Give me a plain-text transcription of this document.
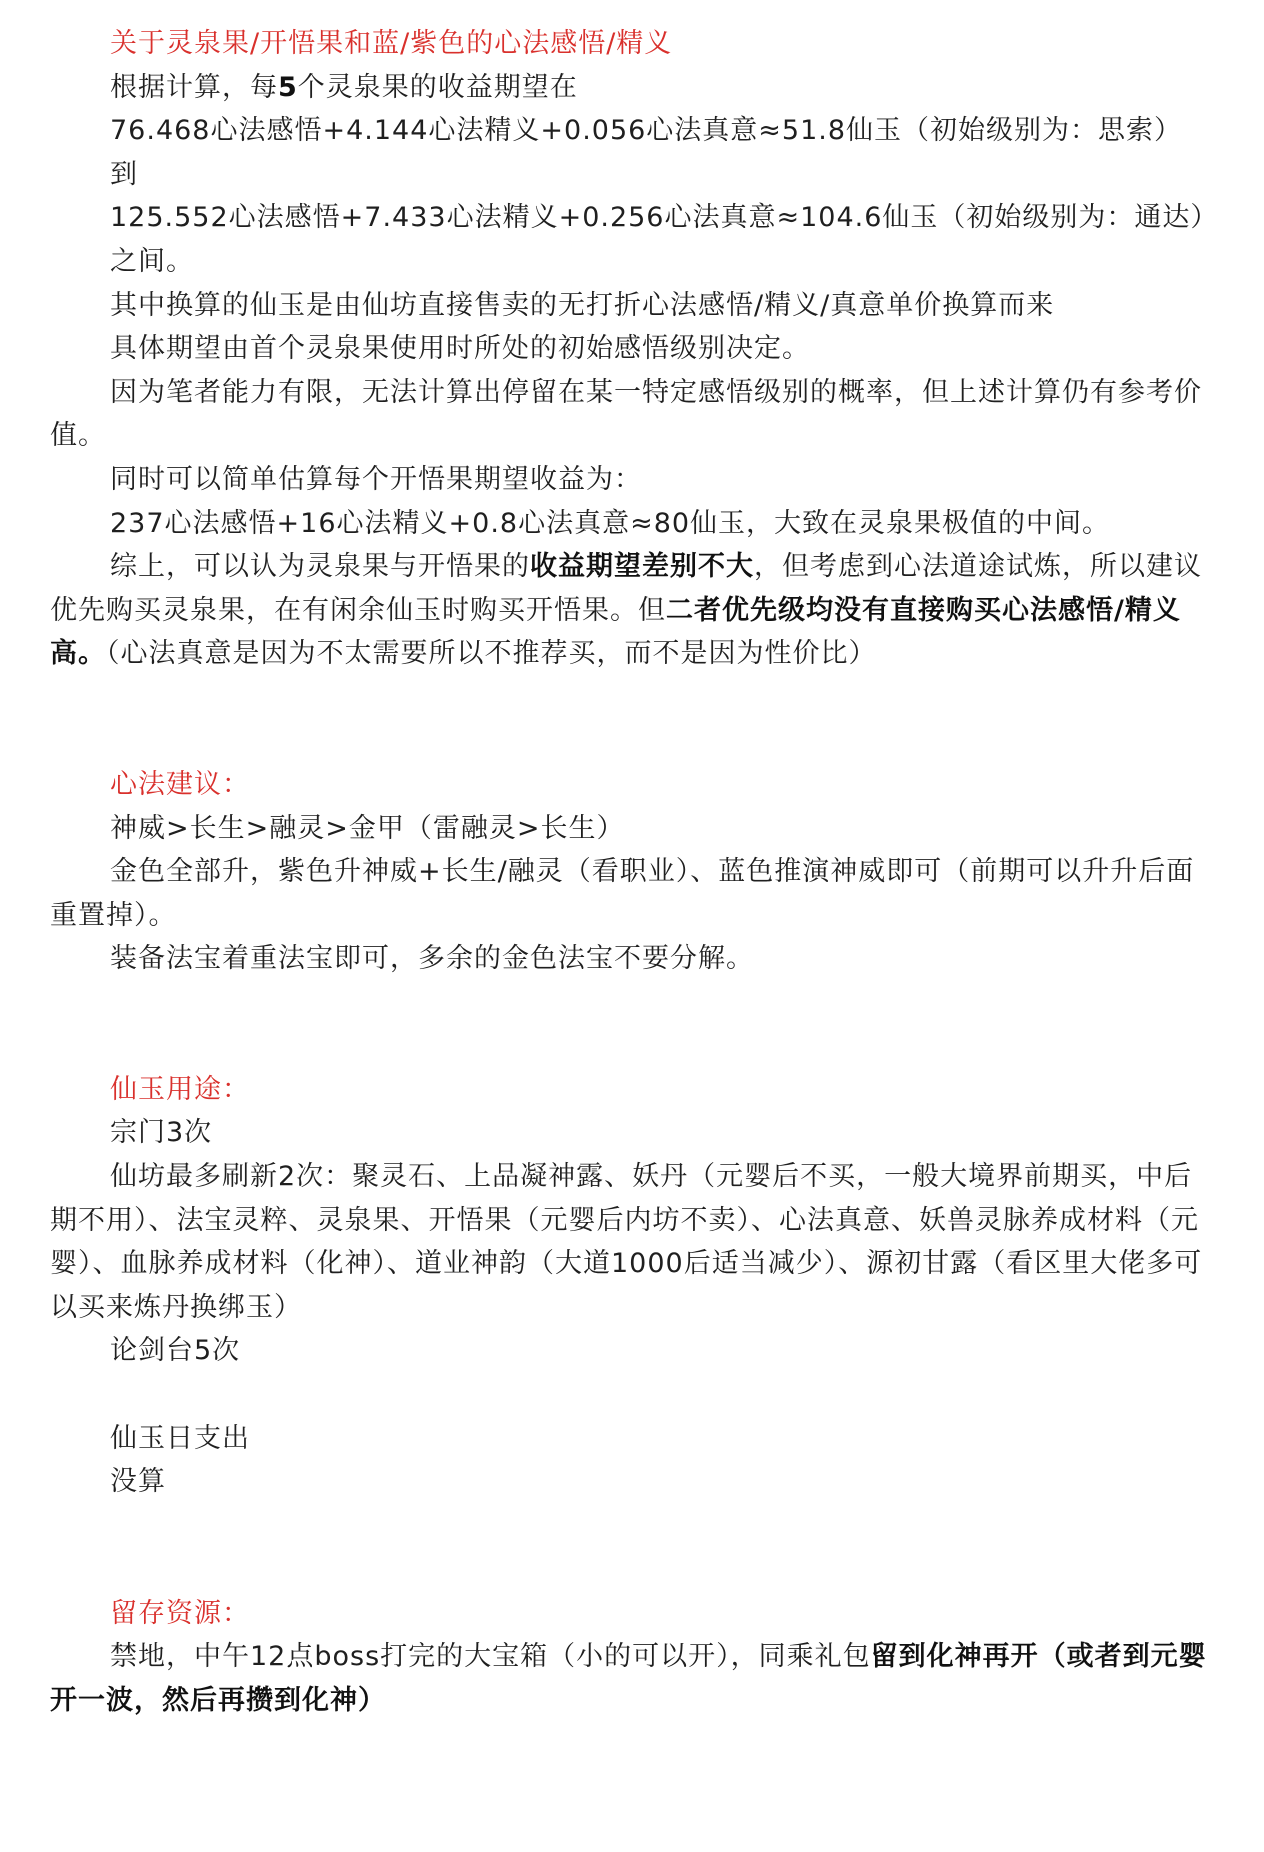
关于灵泉果/开悟果和蓝/紫色的心法感悟/精义

根据计算，每5个灵泉果的收益期望在

76.468心法感悟+4.144心法精义+0.056心法真意≈51.8仙玉（初始级别为：思索）

到

125.552心法感悟+7.433心法精义+0.256心法真意≈104.6仙玉（初始级别为：通达）

之间。

其中换算的仙玉是由仙坊直接售卖的无打折心法感悟/精义/真意单价换算而来

具体期望由首个灵泉果使用时所处的初始感悟级别决定。

因为笔者能力有限，无法计算出停留在某一特定感悟级别的概率，但上述计算仍有参考价值。

同时可以简单估算每个开悟果期望收益为：

237心法感悟+16心法精义+0.8心法真意≈80仙玉，大致在灵泉果极值的中间。

综上，可以认为灵泉果与开悟果的收益期望差别不大，但考虑到心法道途试炼，所以建议优先购买灵泉果，在有闲余仙玉时购买开悟果。但二者优先级均没有直接购买心法感悟/精义高。（心法真意是因为不太需要所以不推荐买，而不是因为性价比）

心法建议：

神威>长生>融灵>金甲（雷融灵>长生）

金色全部升，紫色升神威+长生/融灵（看职业）、蓝色推演神威即可（前期可以升升后面重置掉）。

装备法宝着重法宝即可，多余的金色法宝不要分解。

仙玉用途：

宗门3次

仙坊最多刷新2次：聚灵石、上品凝神露、妖丹（元婴后不买，一般大境界前期买，中后期不用）、法宝灵粹、灵泉果、开悟果（元婴后内坊不卖）、心法真意、妖兽灵脉养成材料（元婴）、血脉养成材料（化神）、道业神韵（大道1000后适当减少）、源初甘露（看区里大佬多可以买来炼丹换绑玉）

论剑台5次

仙玉日支出

没算

留存资源：

禁地，中午12点boss打完的大宝箱（小的可以开），同乘礼包留到化神再开（或者到元婴开一波，然后再攒到化神）
